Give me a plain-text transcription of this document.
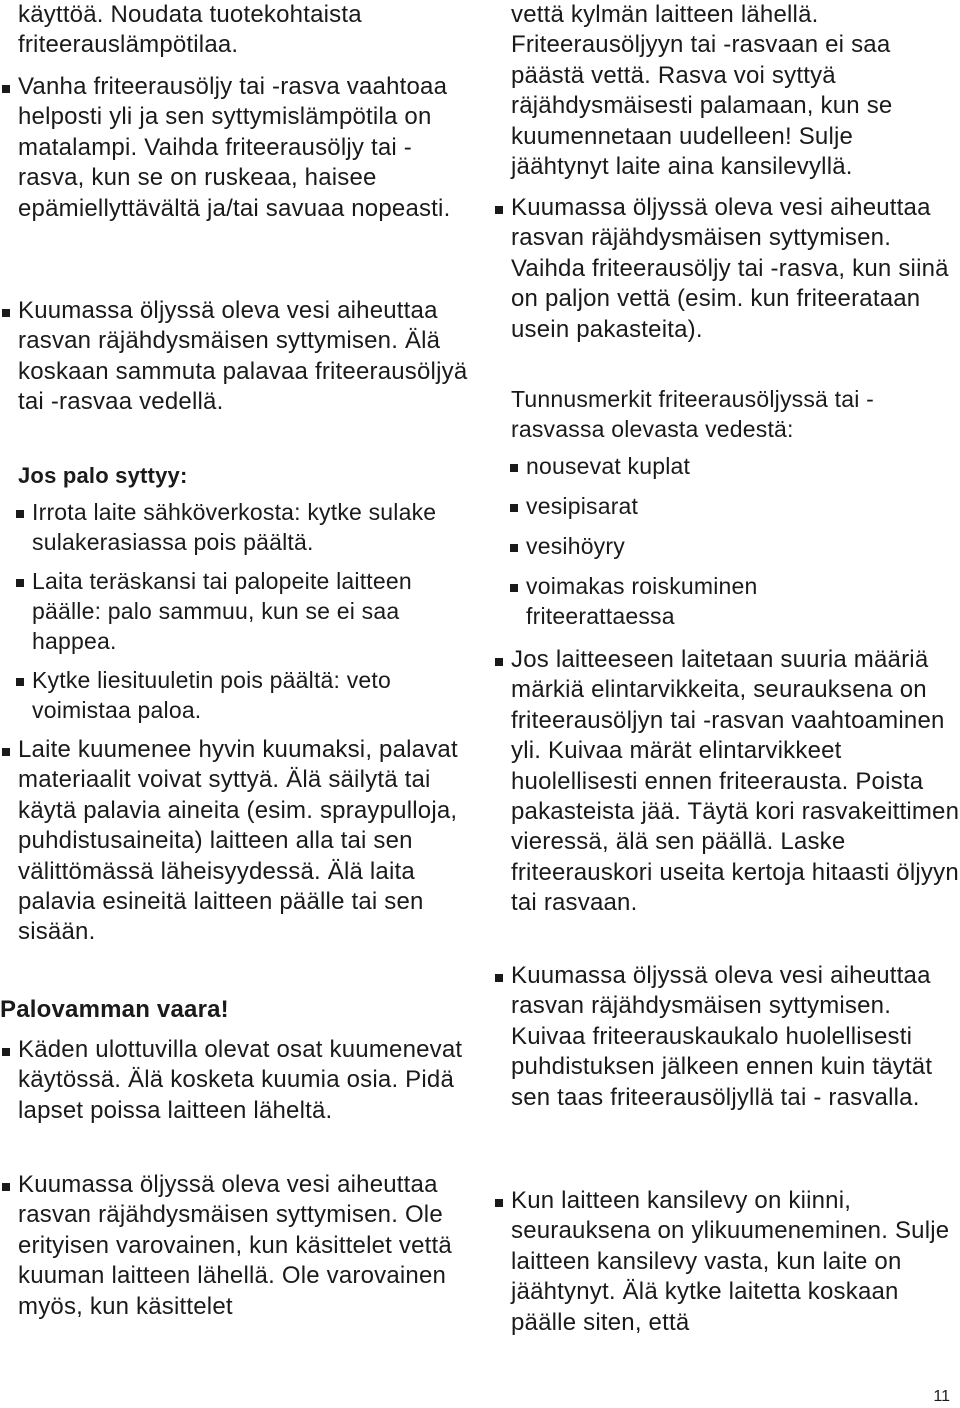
käyttöä. Noudata tuotekohtaista friteerauslämpötilaa.

Vanha friteerausöljy tai -rasva vaahtoaa helposti yli ja sen syttymislämpötila on matalampi. Vaihda friteerausöljy tai -rasva, kun se on ruskeaa, haisee epämiellyttävältä ja/tai savuaa nopeasti.

Kuumassa öljyssä oleva vesi aiheuttaa rasvan räjähdysmäisen syttymisen. Älä koskaan sammuta palavaa friteerausöljyä tai -rasvaa vedellä.

Jos palo syttyy:

Irrota laite sähköverkosta: kytke sulake sulakerasiassa pois päältä.

Laita teräskansi tai palopeite laitteen päälle: palo sammuu, kun se ei saa happea.

Kytke liesituuletin pois päältä: veto voimistaa paloa.

Laite kuumenee hyvin kuumaksi, palavat materiaalit voivat syttyä. Älä säilytä tai käytä palavia aineita (esim. spraypulloja, puhdistusaineita) laitteen alla tai sen välittömässä läheisyydessä. Älä laita palavia esineitä laitteen päälle tai sen sisään.

Palovamman vaara!

Käden ulottuvilla olevat osat kuumenevat käytössä. Älä kosketa kuumia osia. Pidä lapset poissa laitteen läheltä.

Kuumassa öljyssä oleva vesi aiheuttaa rasvan räjähdysmäisen syttymisen. Ole erityisen varovainen, kun käsittelet vettä kuuman laitteen lähellä. Ole varovainen myös, kun käsittelet

vettä kylmän laitteen lähellä. Friteerausöljyyn tai -rasvaan ei saa päästä vettä. Rasva voi syttyä räjähdysmäisesti palamaan, kun se kuumennetaan uudelleen! Sulje jäähtynyt laite aina kansilevyllä.

Kuumassa öljyssä oleva vesi aiheuttaa rasvan räjähdysmäisen syttymisen. Vaihda friteerausöljy tai -rasva, kun siinä on paljon vettä (esim. kun friteerataan usein pakasteita).

Tunnusmerkit friteerausöljyssä tai - rasvassa olevasta vedestä:

nousevat kuplat

vesipisarat

vesihöyry

voimakas roiskuminen friteerattaessa

Jos laitteeseen laitetaan suuria määriä märkiä elintarvikkeita, seurauksena on friteerausöljyn tai -rasvan vaahtoaminen yli. Kuivaa märät elintarvikkeet huolellisesti ennen friteerausta. Poista pakasteista jää. Täytä kori rasvakeittimen vieressä, älä sen päällä. Laske friteerauskori useita kertoja hitaasti öljyyn tai rasvaan.

Kuumassa öljyssä oleva vesi aiheuttaa rasvan räjähdysmäisen syttymisen. Kuivaa friteerauskaukalo huolellisesti puhdistuksen jälkeen ennen kuin täytät sen taas friteerausöljyllä tai - rasvalla.

Kun laitteen kansilevy on kiinni, seurauksena on ylikuumeneminen. Sulje laitteen kansilevy vasta, kun laite on jäähtynyt. Älä kytke laitetta koskaan päälle siten, että

11
